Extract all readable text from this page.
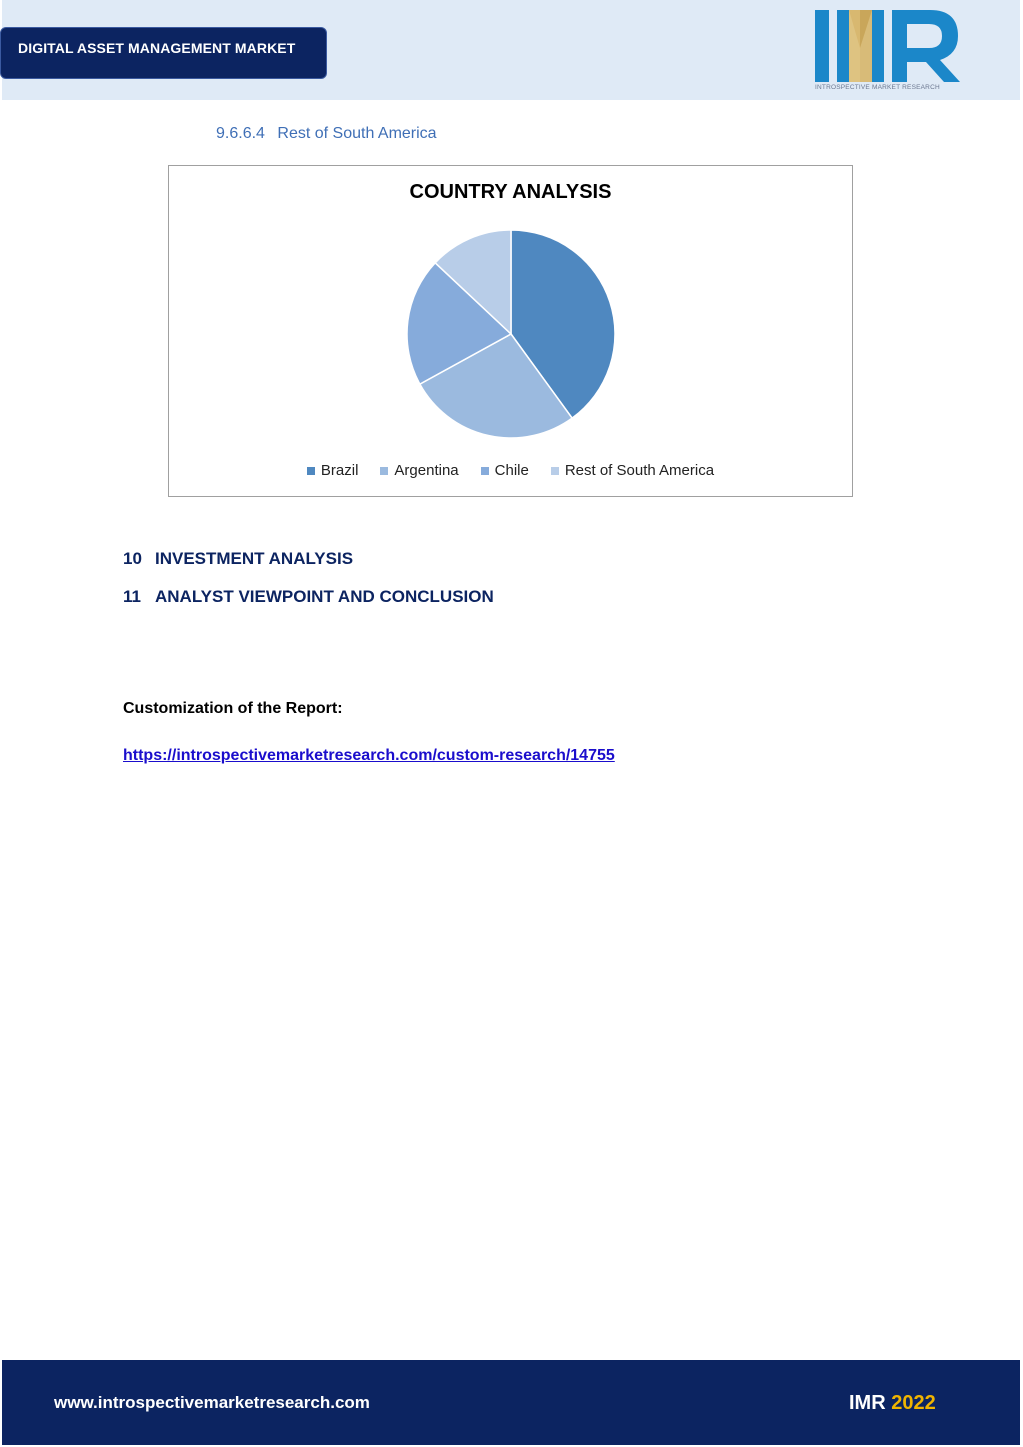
DIGITAL ASSET MANAGEMENT MARKET
INTROSPECTIVE MARKET RESEARCH
9.6.6.4 Rest of South America
COUNTRY ANALYSIS
Brazil Argentina Chile Rest of South America
10 INVESTMENT ANALYSIS
11 ANALYST VIEWPOINT AND CONCLUSION
Customization of the Report:
https://introspectivemarketresearch.com/custom-research/14755
www.introspectivemarketresearch.com	IMR 2022
